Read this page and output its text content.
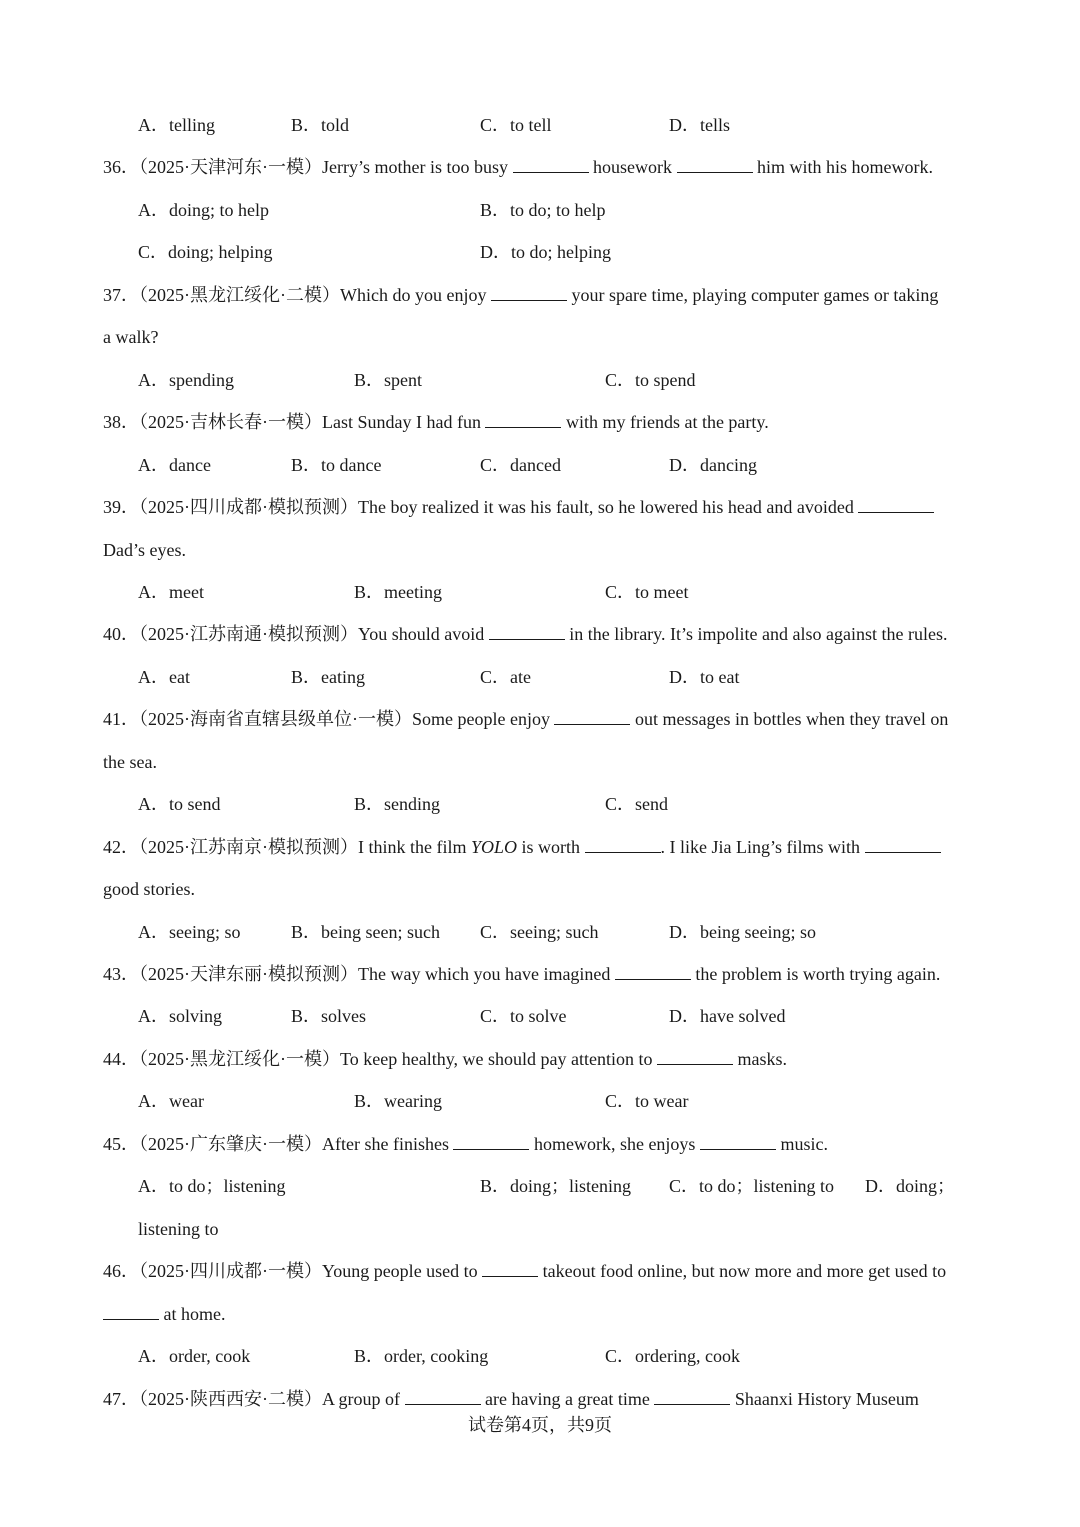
A．telling	B．told	C．to tell	D．tells
36．（2025·天津河东·一模）Jerry’s mother is too busy	housework	him with his homework.
A．doing; to help	B．to do; to help
C．doing; helping	D．to do; helping
37．（2025·黑龙江绥化·二模）Which do you enjoy	your spare time, playing computer games or taking
a walk?
A．spending	B．spent	C．to spend
38．（2025·吉林长春·一模）Last Sunday I had fun	with my friends at the party.
A．dance	B．to dance	C．danced	D．dancing
39．（2025·四川成都·模拟预测）The boy realized it was his fault, so he lowered his head and avoided
Dad’s eyes.
A．meet	B．meeting	C．to meet
40．（2025·江苏南通·模拟预测）You should avoid	in the library. It’s impolite and also against the rules.
A．eat	B．eating	C．ate	D．to eat
41．（2025·海南省直辖县级单位·一模）Some people enjoy	out messages in bottles when they travel on
the sea.
A．to send	B．sending	C．send
42．（2025·江苏南京·模拟预测）I think the film YOLO is worth	. I like Jia Ling’s films with
good stories.
A．seeing; so	B．being seen; such C．seeing; such	D．being seeing; so
43．（2025·天津东丽·模拟预测）The way which you have imagined	the problem is worth trying again.
A．solving	B．solves	C．to solve	D．have solved
44．（2025·黑龙江绥化·一模）To keep healthy, we should pay attention to	masks.
A．wear	B．wearing	C．to wear
45．（2025·广东肇庆·一模）After she finishes	homework, she enjoys	music.
A．to do；listening	B．doing；listening C．to do；listening to D．doing；
listening to
46．（2025·四川成都·一模）Young people used to	takeout food online, but now more and more get used to
at home.
A．order, cook	B．order, cooking	C．ordering, cook
47．（2025·陕西西安·二模）A group of	are having a great time	Shaanxi History Museum
试卷第4页，共9页
